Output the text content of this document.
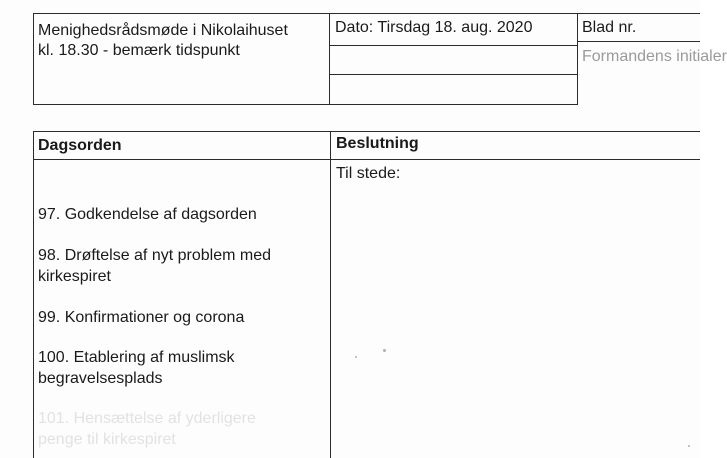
Menighedsrådsmøde i Nikolaihuset
kl. 18.30 - bemærk tidspunkt
Dato: Tirsdag 18. aug. 2020	Blad nr.
Formandens initialer
Dagsorden	Beslutning
Til stede:
97. Godkendelse af dagsorden
98. Drøftelse af nyt problem med
kirkespiret
99. Konfirmationer og corona
100. Etablering af muslimsk
begravelsesplads
101. Hensættelse af yderligere
penge til kirkespiret
